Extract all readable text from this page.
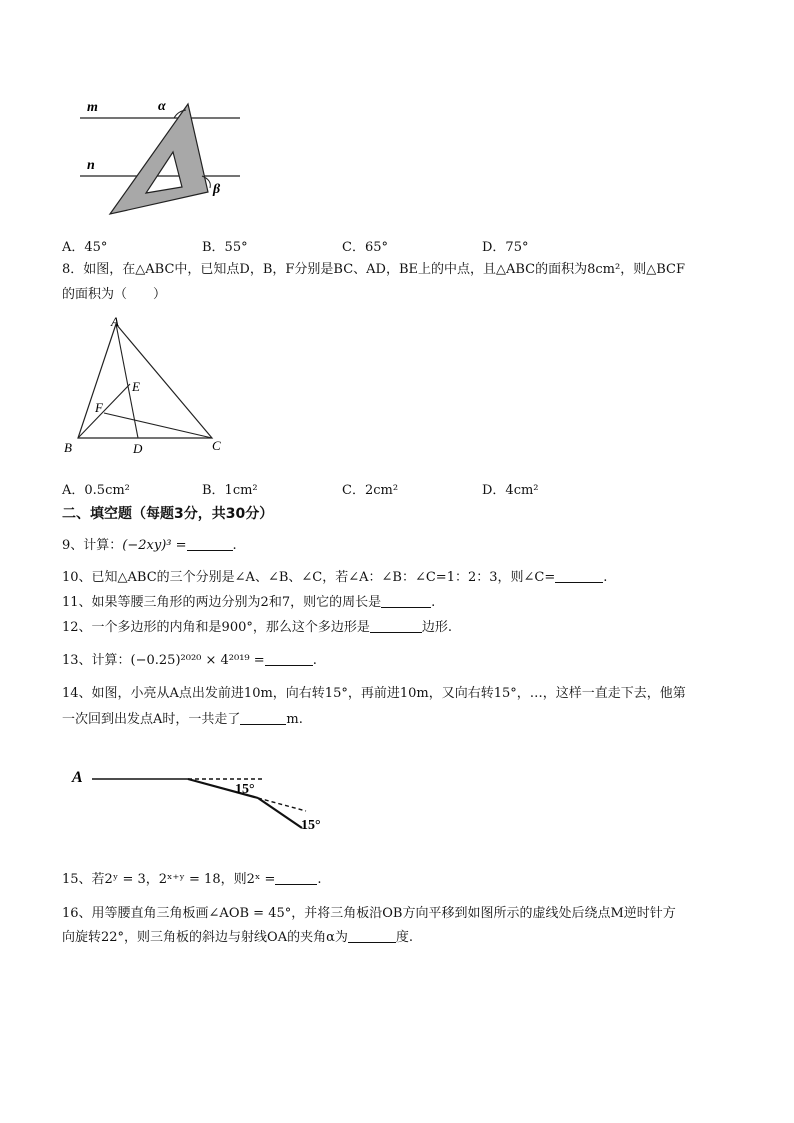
m
n
α
β
A．45°	B．55°	C．65°	D．75°
8．如图，在△ABC中，已知点D，B，F分别是BC、AD，BE上的中点，且△ABC的面积为8cm²，则△BCF
的面积为（　　）
A
E
F
B	D	C
A．0.5cm²	B．1cm²	C．2cm²	D．4cm²
二、填空题（每题3分，共30分）
9、计算：(−2xy)³ =	.
10、已知△ABC的三个分别是∠A、∠B、∠C，若∠A：∠B：∠C=1：2：3，则∠C=	.
11、如果等腰三角形的两边分别为2和7，则它的周长是	.
12、一个多边形的内角和是900°，那么这个多边形是	边形.
13、计算：(−0.25)²⁰²⁰ × 4²⁰¹⁹ =	.
14、如图，小亮从A点出发前进10m，向右转15°，再前进10m，又向右转15°，…，这样一直走下去，他第
一次回到出发点A时，一共走了	m.
A
15°
15°
15、若2ʸ = 3，2ˣ⁺ʸ = 18，则2ˣ =	.
16、用等腰直角三角板画∠AOB = 45°，并将三角板沿OB方向平移到如图所示的虚线处后绕点M逆时针方
向旋转22°，则三角板的斜边与射线OA的夹角α为	度.
